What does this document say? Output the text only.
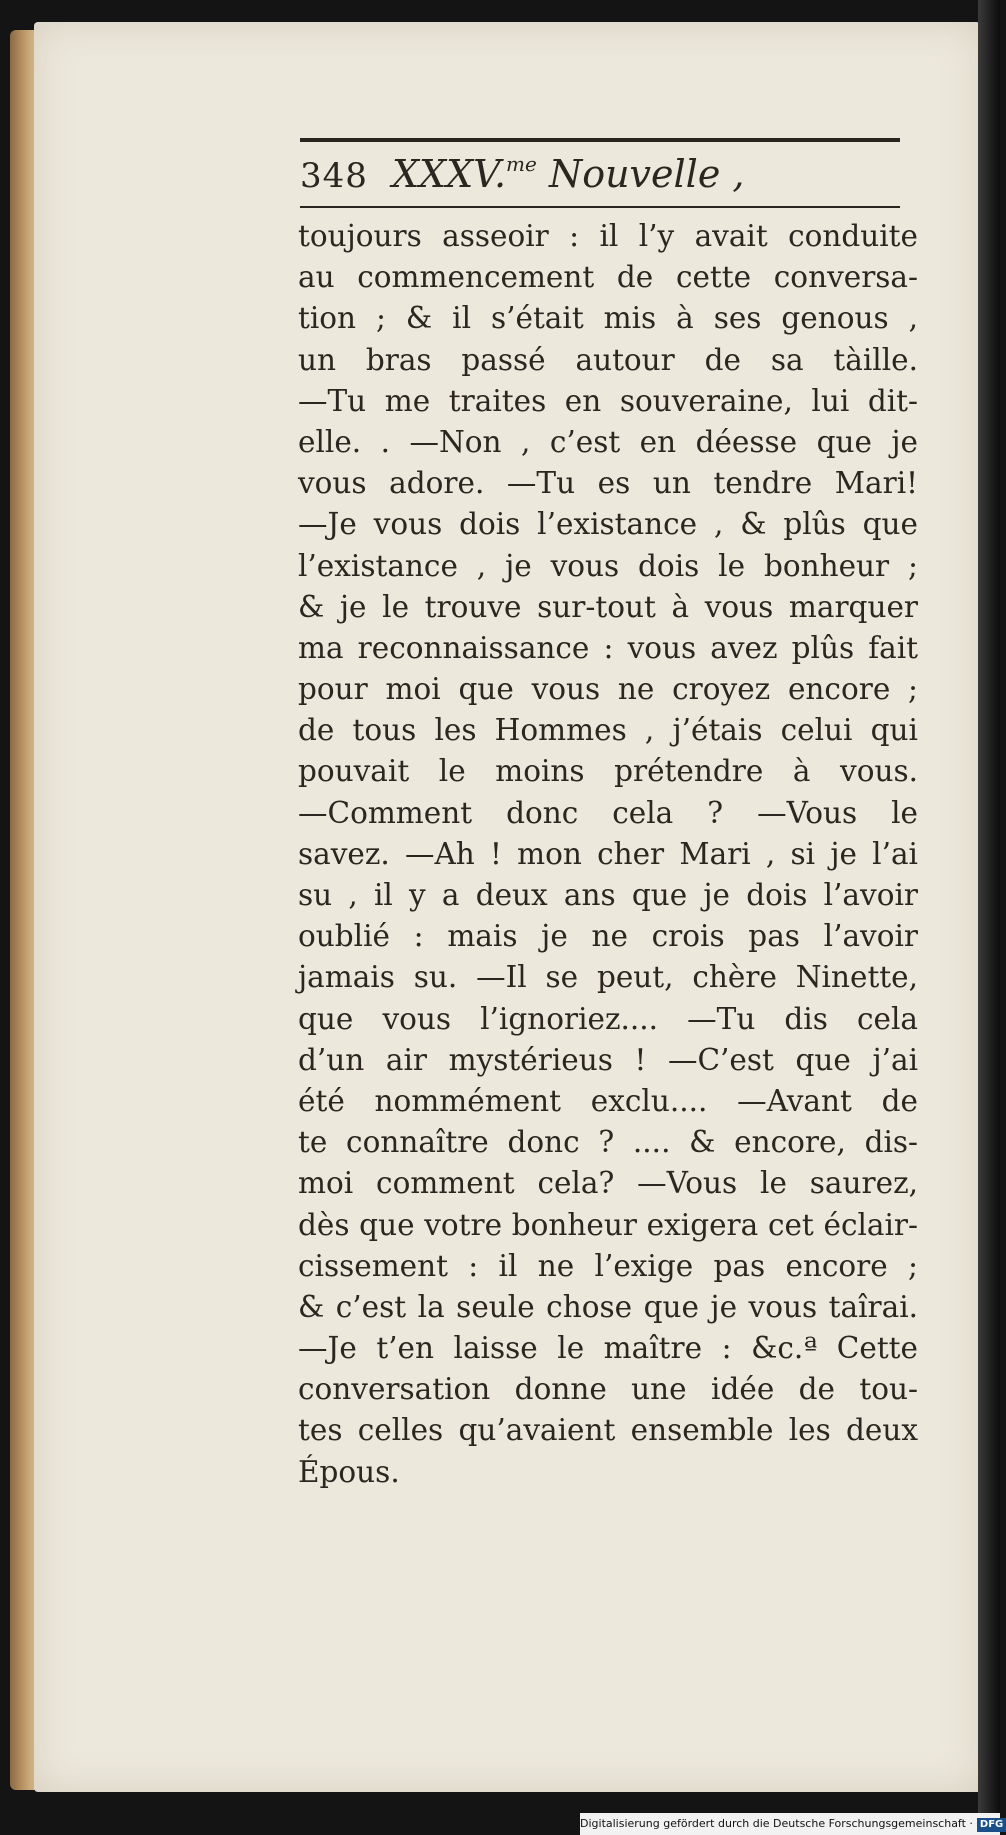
348 XXXV.$^{me}$ Nouvelle ,
toujours asseoir : il l’y avait conduite
au commencement de cette conversa-
tion ; & il s’était mis à ses genous ,
un bras passé autour de sa tàille.
—Tu me traites en souveraine, lui dit-
elle. . —Non , c’est en déesse que je
vous adore. —Tu es un tendre Mari!
—Je vous dois l’existance , & plûs que
l’existance , je vous dois le bonheur ;
& je le trouve sur-tout à vous marquer
ma reconnaissance : vous avez plûs fait
pour moi que vous ne croyez encore ;
de tous les Hommes , j’étais celui qui
pouvait le moins prétendre à vous.
—Comment donc cela ? —Vous le
savez. —Ah ! mon cher Mari , si je l’ai
su , il y a deux ans que je dois l’avoir
oublié : mais je ne crois pas l’avoir
jamais su. —Il se peut, chère Ninette,
que vous l’ignoriez.... —Tu dis cela
d’un air mystérieus ! —C’est que j’ai
été nommément exclu.... —Avant de
te connaître donc ? .... & encore, dis-
moi comment cela? —Vous le saurez,
dès que votre bonheur exigera cet éclair-
cissement : il ne l’exige pas encore ;
& c’est la seule chose que je vous taîrai.
—Je t’en laisse le maître : &c.ª Cette
conversation donne une idée de tou-
tes celles qu’avaient ensemble les deux
Épous.
Digitalisierung gefördert durch die Deutsche Forschungsgemeinschaft · DFG
